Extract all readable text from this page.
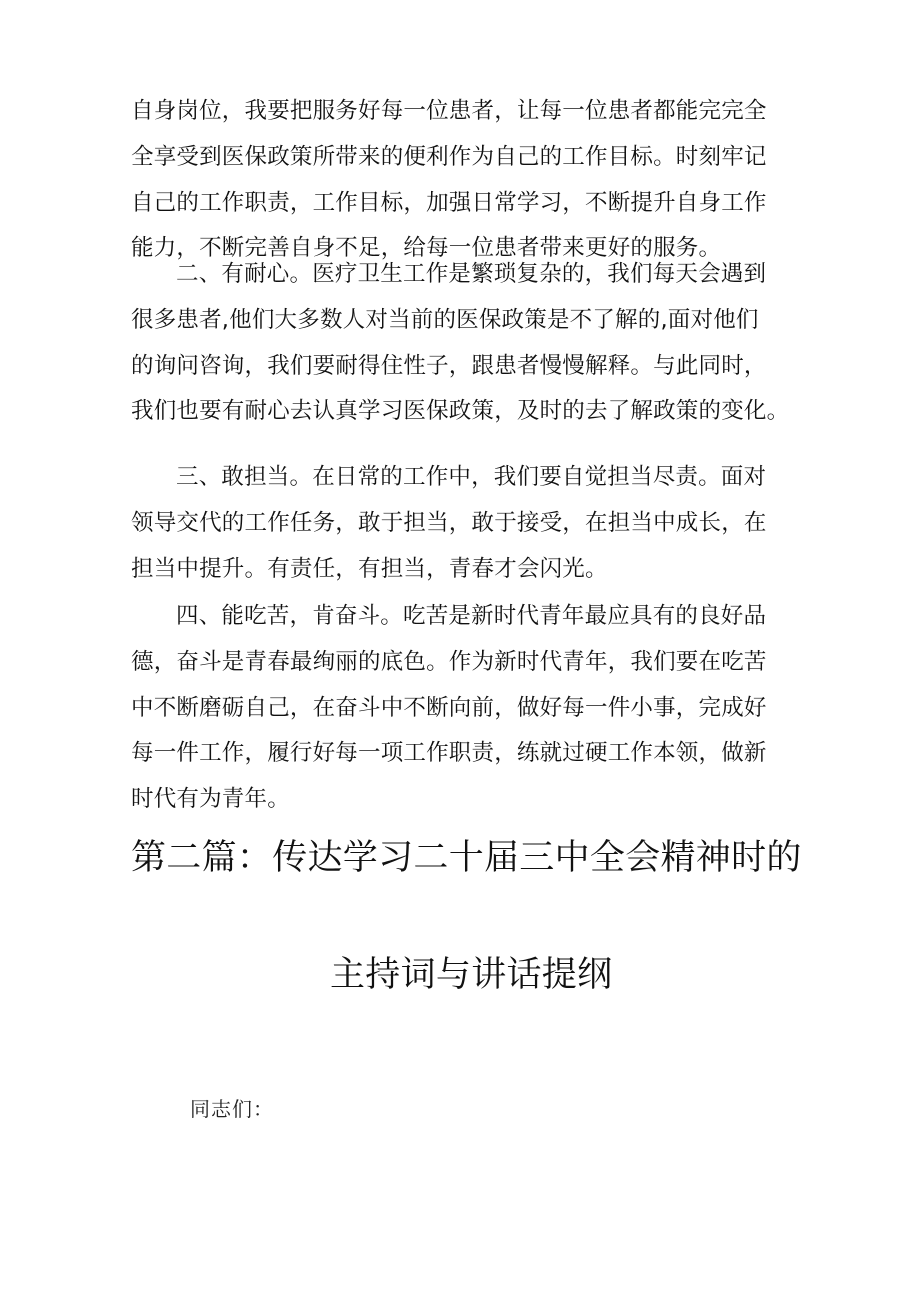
自身岗位，我要把服务好每一位患者，让每一位患者都能完完全
全享受到医保政策所带来的便利作为自己的工作目标。时刻牢记
自己的工作职责，工作目标，加强日常学习，不断提升自身工作
能力，不断完善自身不足，给每一位患者带来更好的服务。

二、有耐心。医疗卫生工作是繁琐复杂的，我们每天会遇到
很多患者,他们大多数人对当前的医保政策是不了解的,面对他们
的询问咨询，我们要耐得住性子，跟患者慢慢解释。与此同时，
我们也要有耐心去认真学习医保政策，及时的去了解政策的变化。

三、敢担当。在日常的工作中，我们要自觉担当尽责。面对
领导交代的工作任务，敢于担当，敢于接受，在担当中成长，在
担当中提升。有责任，有担当，青春才会闪光。

四、能吃苦，肯奋斗。吃苦是新时代青年最应具有的良好品
德，奋斗是青春最绚丽的底色。作为新时代青年，我们要在吃苦
中不断磨砺自己，在奋斗中不断向前，做好每一件小事，完成好
每一件工作，履行好每一项工作职责，练就过硬工作本领，做新
时代有为青年。

第二篇：传达学习二十届三中全会精神时的
主持词与讲话提纲

同志们：
